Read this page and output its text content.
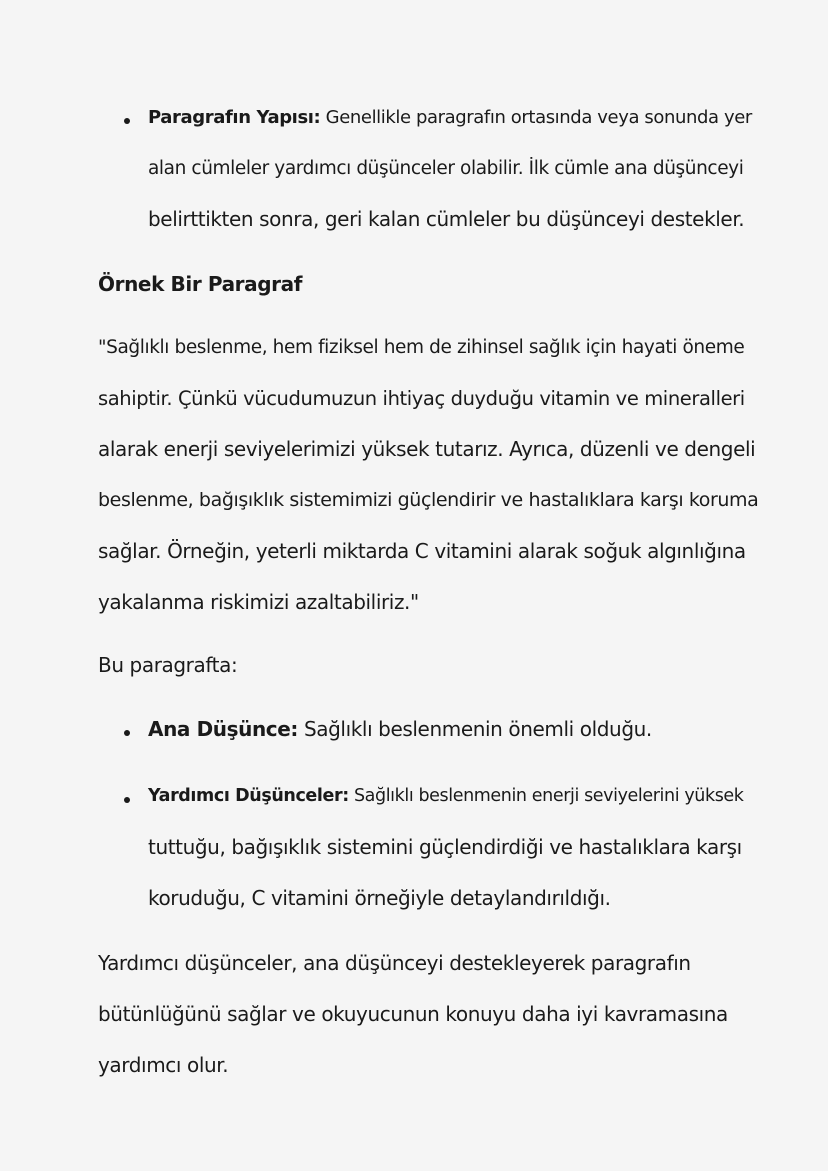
Paragrafın Yapısı: Genellikle paragrafın ortasında veya sonunda yer
alan cümleler yardımcı düşünceler olabilir. İlk cümle ana düşünceyi
belirttikten sonra, geri kalan cümleler bu düşünceyi destekler.
Örnek Bir Paragraf
"Sağlıklı beslenme, hem fiziksel hem de zihinsel sağlık için hayati öneme
sahiptir. Çünkü vücudumuzun ihtiyaç duyduğu vitamin ve mineralleri
alarak enerji seviyelerimizi yüksek tutarız. Ayrıca, düzenli ve dengeli
beslenme, bağışıklık sistemimizi güçlendirir ve hastalıklara karşı koruma
sağlar. Örneğin, yeterli miktarda C vitamini alarak soğuk algınlığına
yakalanma riskimizi azaltabiliriz."
Bu paragrafta:
Ana Düşünce: Sağlıklı beslenmenin önemli olduğu.
Yardımcı Düşünceler: Sağlıklı beslenmenin enerji seviyelerini yüksek
tuttuğu, bağışıklık sistemini güçlendirdiği ve hastalıklara karşı
koruduğu, C vitamini örneğiyle detaylandırıldığı.
Yardımcı düşünceler, ana düşünceyi destekleyerek paragrafın
bütünlüğünü sağlar ve okuyucunun konuyu daha iyi kavramasına
yardımcı olur.
